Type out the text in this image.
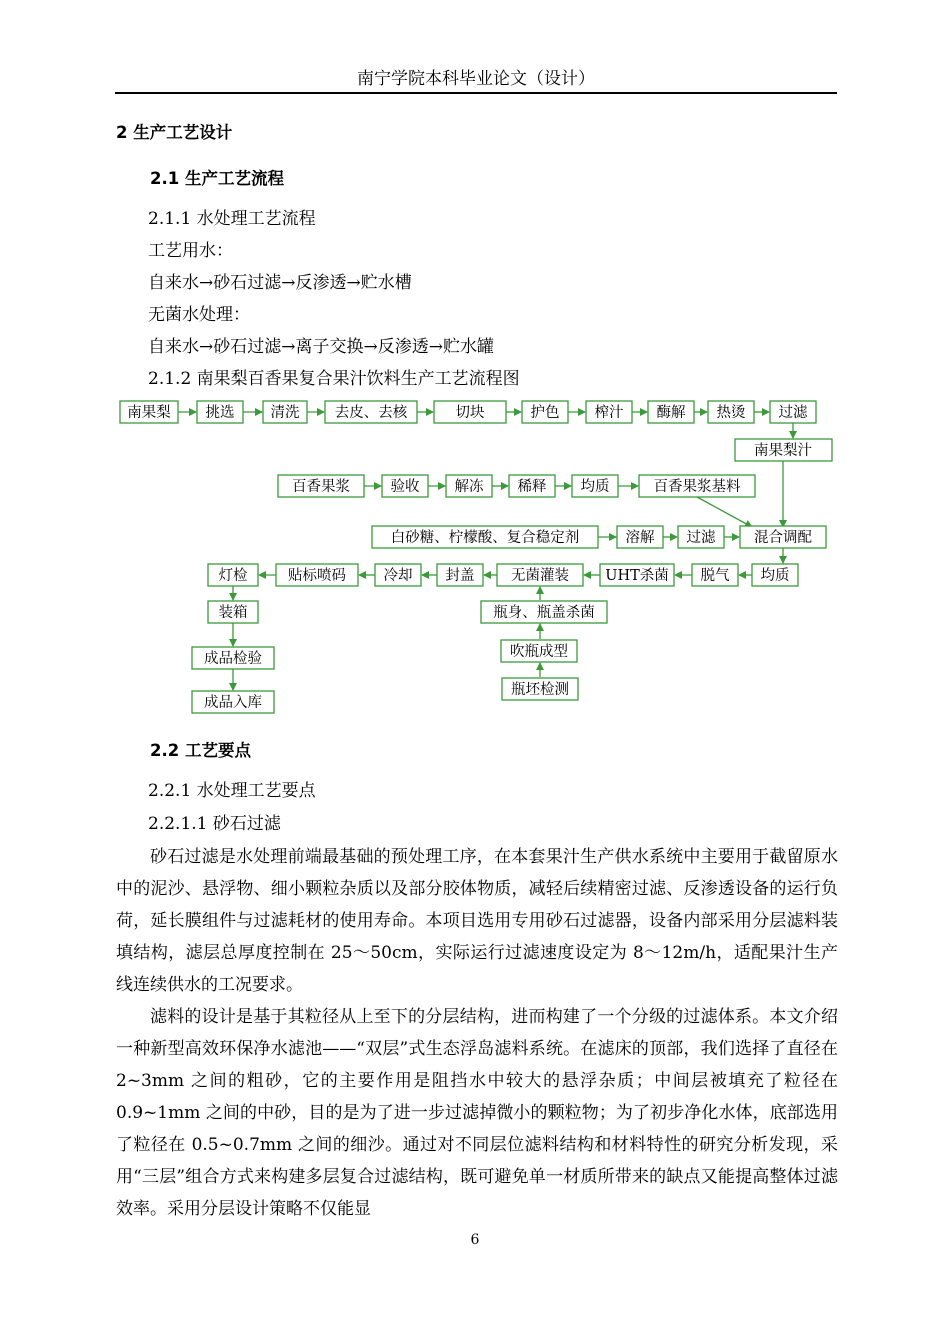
南宁学院本科毕业论文（设计）
2 生产工艺设计
2.1 生产工艺流程
2.1.1 水处理工艺流程
工艺用水：
自来水→砂石过滤→反渗透→贮水槽
无菌水处理：
自来水→砂石过滤→离子交换→反渗透→贮水罐
2.1.2 南果梨百香果复合果汁饮料生产工艺流程图
南果梨 挑选 清洗 去皮、去核	切块	护色 榨汁 酶解 热烫 过滤
南果梨汁
百香果浆	验收 解冻 稀释 均质	百香果浆基料
白砂糖、柠檬酸、复合稳定剂	溶解 过滤	混合调配
均质
脱气
UHT杀菌
无菌灌装
封盖
冷却
贴标喷码
灯检
装箱
成品检验
成品入库
瓶身、瓶盖杀菌
吹瓶成型
瓶坯检测
2.2 工艺要点
2.2.1 水处理工艺要点
2.2.1.1 砂石过滤

砂石过滤是水处理前端最基础的预处理工序，在本套果汁生产供水系统中主要用于截留原水中的泥沙、悬浮物、细小颗粒杂质以及部分胶体物质，减轻后续精密过滤、反渗透设备的运行负荷，延长膜组件与过滤耗材的使用寿命。本项目选用专用砂石过滤器，设备内部采用分层滤料装填结构，滤层总厚度控制在 25～50cm，实际运行过滤速度设定为 8～12m/h，适配果汁生产线连续供水的工况要求。

滤料的设计是基于其粒径从上至下的分层结构，进而构建了一个分级的过滤体系。本文介绍一种新型高效环保净水滤池——“双层”式生态浮岛滤料系统。在滤床的顶部，我们选择了直径在 2~3mm 之间的粗砂，它的主要作用是阻挡水中较大的悬浮杂质；中间层被填充了粒径在 0.9~1mm 之间的中砂，目的是为了进一步过滤掉微小的颗粒物；为了初步净化水体，底部选用了粒径在 0.5~0.7mm 之间的细沙。通过对不同层位滤料结构和材料特性的研究分析发现，采用“三层”组合方式来构建多层复合过滤结构，既可避免单一材质所带来的缺点又能提高整体过滤效率。采用分层设计策略不仅能显

6
